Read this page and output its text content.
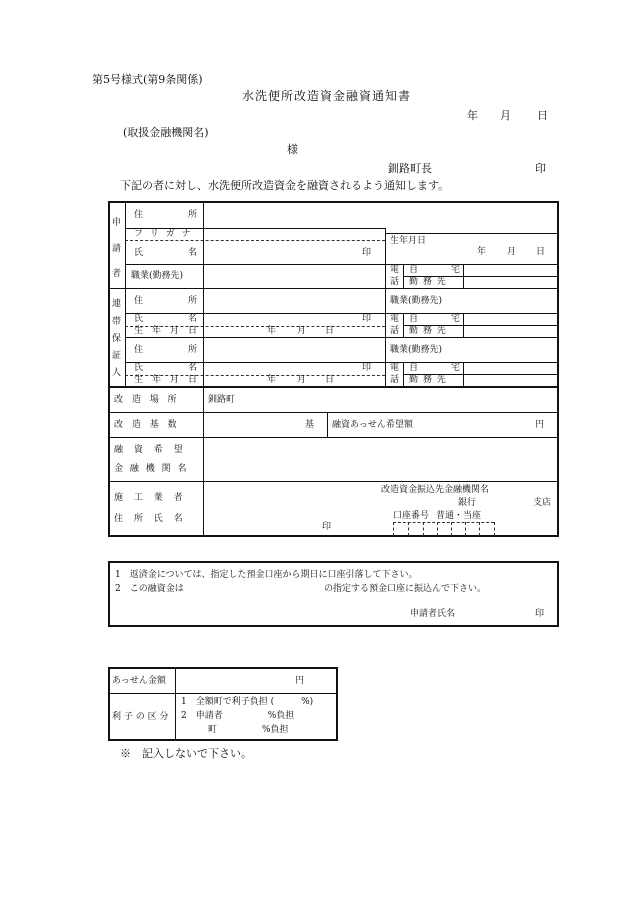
第5号様式(第9条関係)
水洗便所改造資金融資通知書
年 月 日
(取扱金融機関名)
様
釧路町長	印
下記の者に対し、水洗便所改造資金を融資されるよう通知します。
申
請
者
住	所
フ リ ガ ナ
氏	名	印
生年月日
年 月 日
職業(勤務先)
電
話
自	宅
勤 務 先
連
帯
保
証
人
住	所	職業(勤務先)
氏	名	印
生 年 月 日	年 月 日
電
話
自	宅
勤 務 先
住	所	職業(勤務先)
氏	名	印
生 年 月 日	年 月 日
電
話
自	宅
勤 務 先
改 造 場 所	釧路町
改 造 基 数	基 融資あっせん希望額	円
融 資 希 望
金 融 機 関 名
施 工 業 者
住 所 氏 名
印
改造資金振込先金融機関名
銀行	支店
口座番号 普通・当座
1　返済金については、指定した預金口座から期日に口座引落して下さい。
2　この融資金は	の指定する預金口座に振込んで下さい。
申請者氏名	印
あっせん金額	円
利 子 の 区 分
1　全額町で利子負担 (　　　%)
2　申請者　　　　　%負担
町　　　　　%負担
※　記入しないで下さい。
